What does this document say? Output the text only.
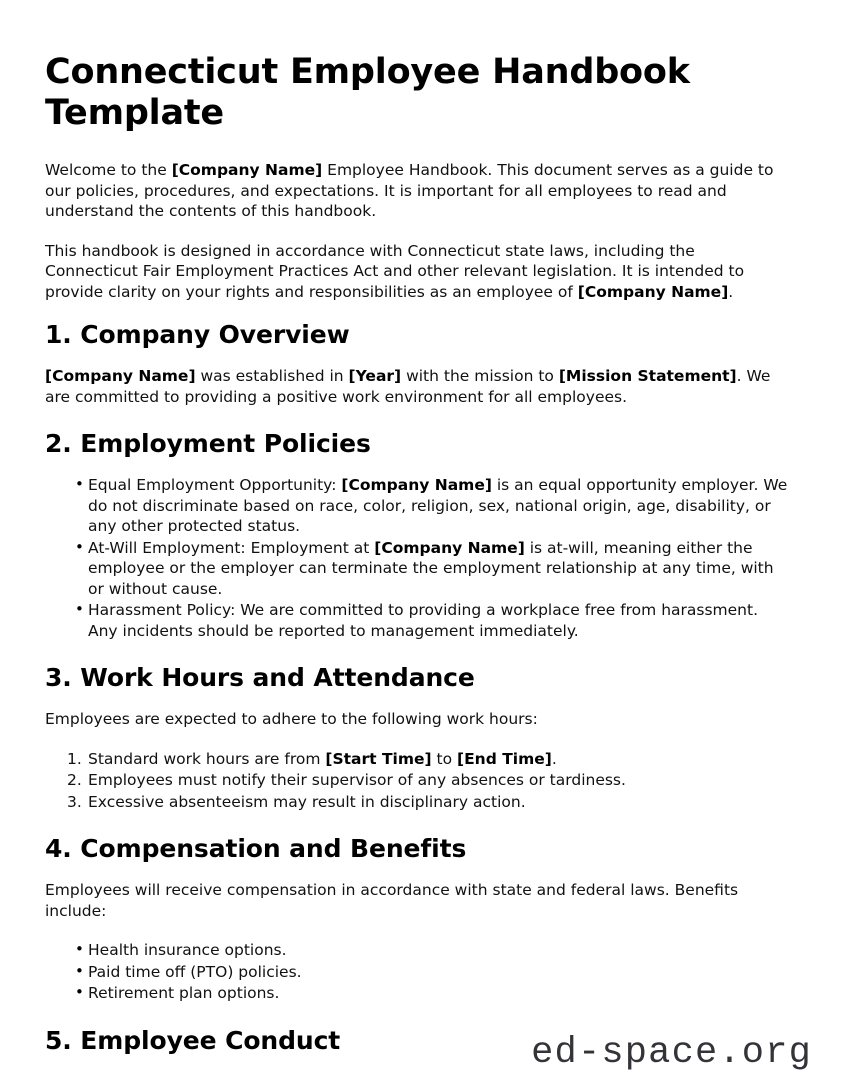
Connecticut Employee Handbook Template

Welcome to the [Company Name] Employee Handbook. This document serves as a guide to our policies, procedures, and expectations. It is important for all employees to read and understand the contents of this handbook.

This handbook is designed in accordance with Connecticut state laws, including the Connecticut Fair Employment Practices Act and other relevant legislation. It is intended to provide clarity on your rights and responsibilities as an employee of [Company Name].

1. Company Overview

[Company Name] was established in [Year] with the mission to [Mission Statement]. We are committed to providing a positive work environment for all employees.

2. Employment Policies
• Equal Employment Opportunity: [Company Name] is an equal opportunity employer. We do not discriminate based on race, color, religion, sex, national origin, age, disability, or any other protected status.
• At-Will Employment: Employment at [Company Name] is at-will, meaning either the employee or the employer can terminate the employment relationship at any time, with or without cause.
• Harassment Policy: We are committed to providing a workplace free from harassment. Any incidents should be reported to management immediately.
3. Work Hours and Attendance

Employees are expected to adhere to the following work hours:

Standard work hours are from [Start Time] to [End Time].
Employees must notify their supervisor of any absences or tardiness.
Excessive absenteeism may result in disciplinary action.
4. Compensation and Benefits

Employees will receive compensation in accordance with state and federal laws. Benefits include:

• Health insurance options.
• Paid time off (PTO) policies.
• Retirement plan options.
5. Employee Conduct	ed-space.org
